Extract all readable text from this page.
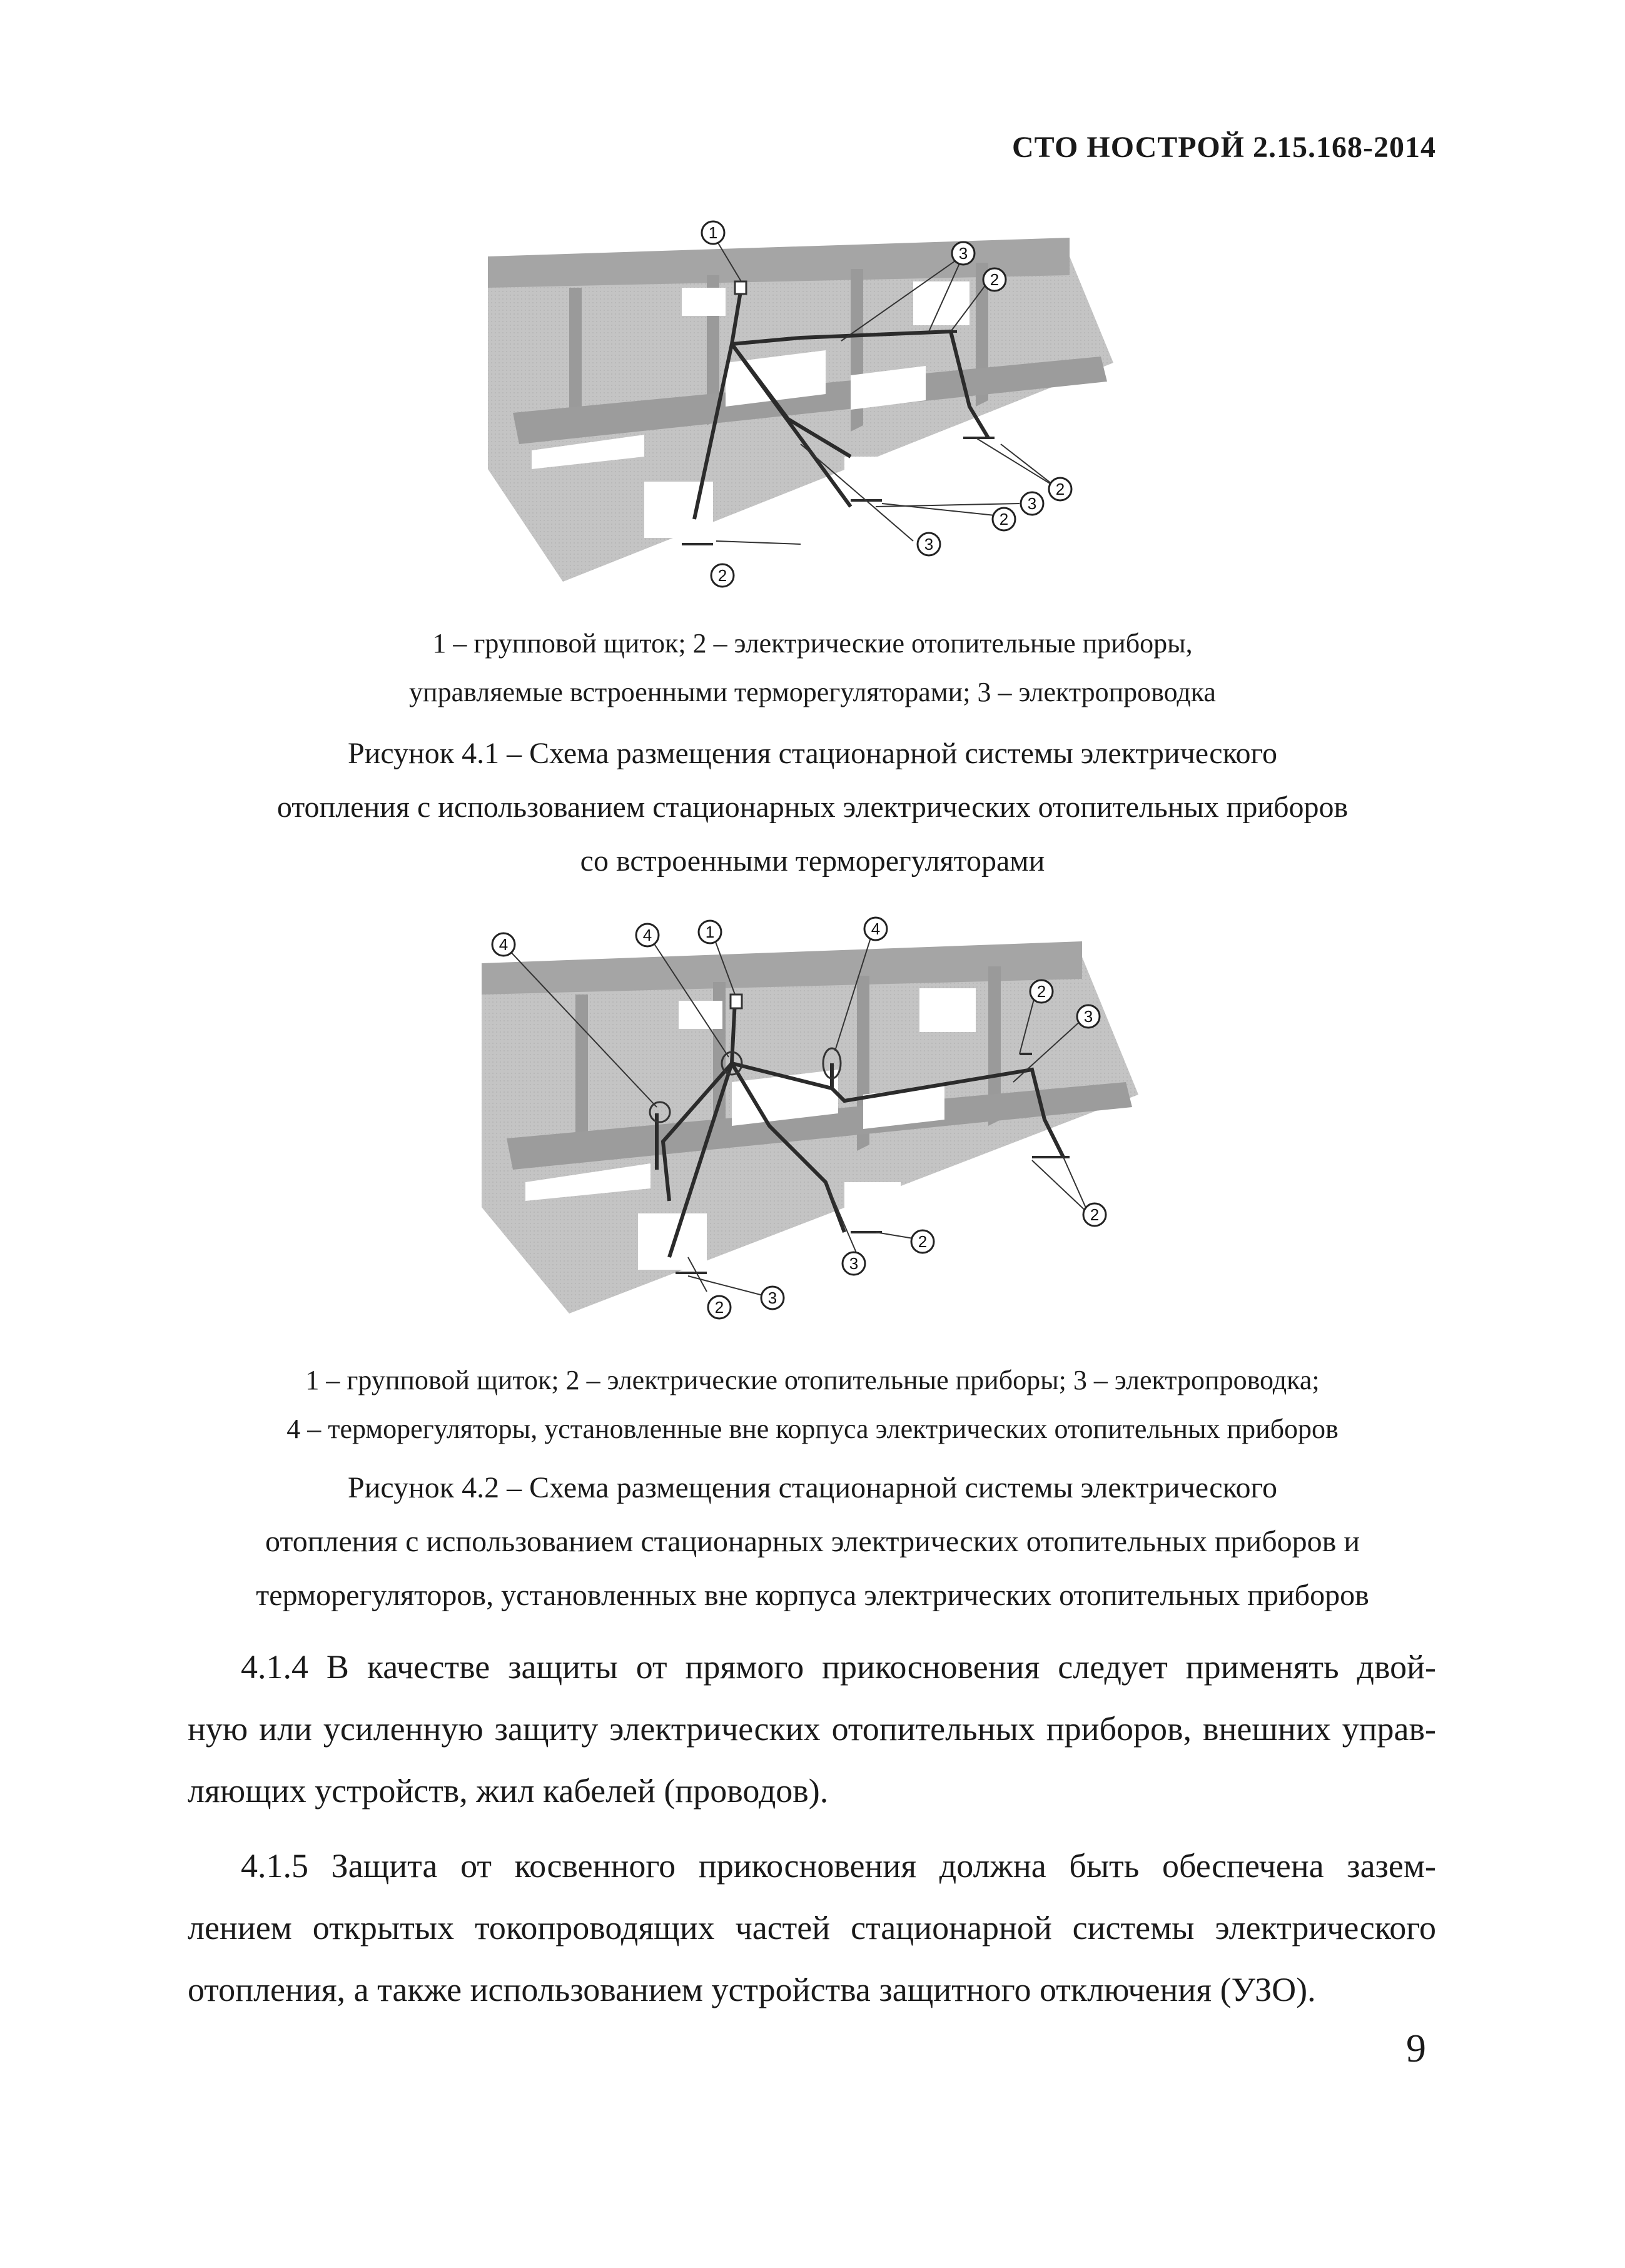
СТО НОСТРОЙ 2.15.168-2014
1
3
2
2
3
2
3
2
1 – групповой щиток; 2 – электрические отопительные приборы,
управляемые встроенными терморегуляторами; 3 – электропроводка
Рисунок 4.1 – Схема размещения стационарной системы электрического
отопления с использованием стационарных электрических отопительных приборов
со встроенными терморегуляторами
4	4	1	4
2
3
2
2
3
3
2
1 – групповой щиток; 2 – электрические отопительные приборы; 3 – электропроводка;
4 – терморегуляторы, установленные вне корпуса электрических отопительных приборов
Рисунок 4.2 – Схема размещения стационарной системы электрического
отопления с использованием стационарных электрических отопительных приборов и
терморегуляторов, установленных вне корпуса электрических отопительных приборов
4.1.4 В качестве защиты от прямого прикосновения следует применять двой-
ную или усиленную защиту электрических отопительных приборов, внешних управ-
ляющих устройств, жил кабелей (проводов).
4.1.5 Защита от косвенного прикосновения должна быть обеспечена зазем-
лением открытых токопроводящих частей стационарной системы электрического
отопления, а также использованием устройства защитного отключения (УЗО).
9
